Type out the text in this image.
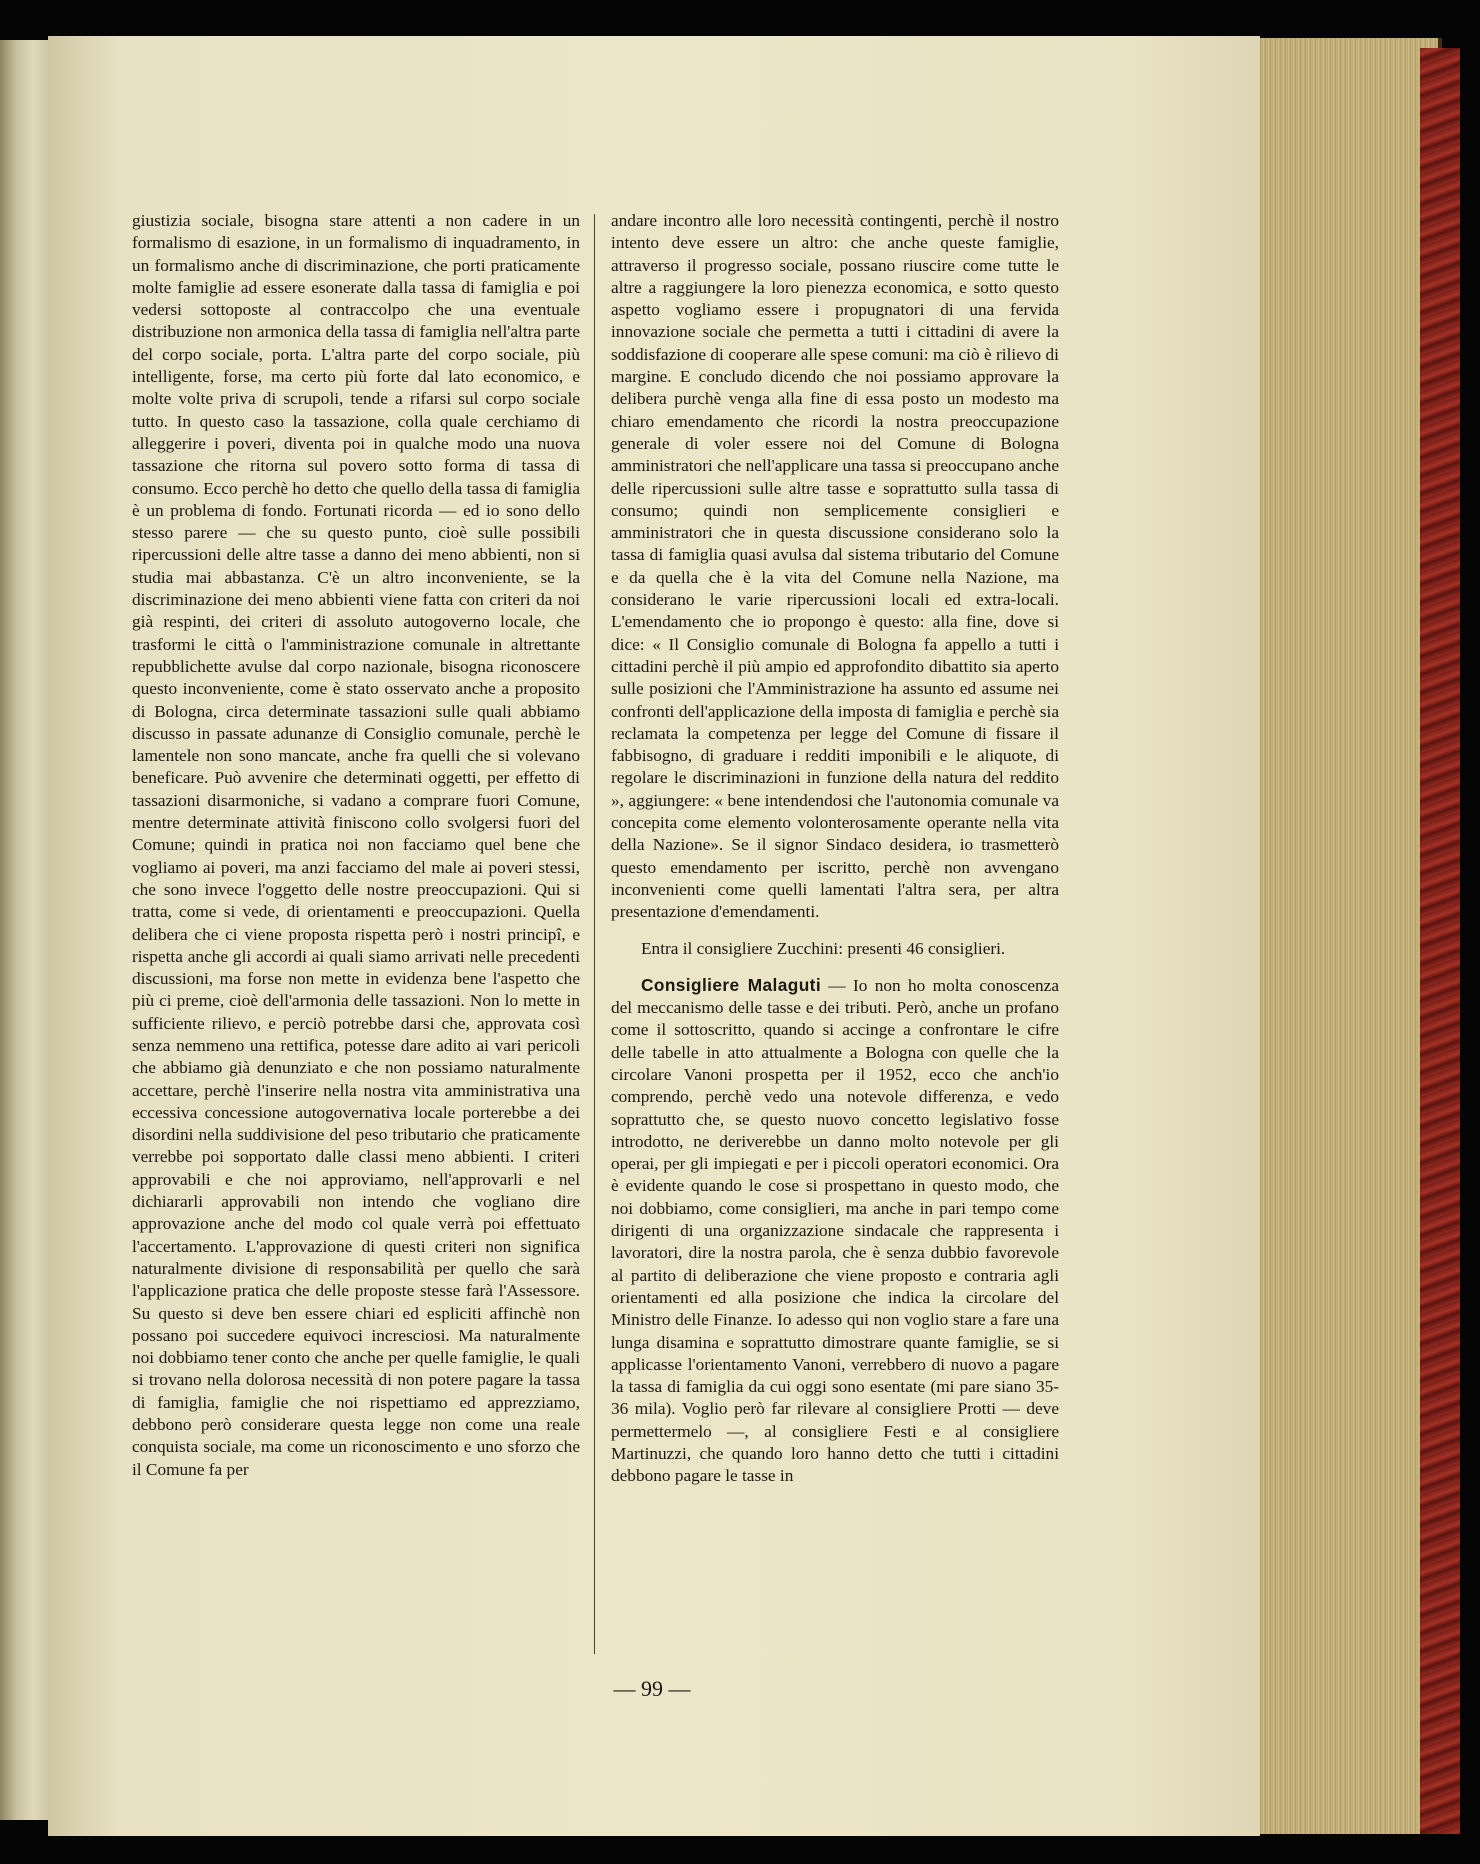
giustizia sociale, bisogna stare attenti a non cadere in un formalismo di esazione, in un formalismo di inquadramento, in un formalismo anche di discriminazione, che porti praticamente molte famiglie ad essere esonerate dalla tassa di famiglia e poi vedersi sottoposte al contraccolpo che una eventuale distribuzione non armonica della tassa di famiglia nell'altra parte del corpo sociale, porta. L'altra parte del corpo sociale, più intelligente, forse, ma certo più forte dal lato economico, e molte volte priva di scrupoli, tende a rifarsi sul corpo sociale tutto. In questo caso la tassazione, colla quale cerchiamo di alleggerire i poveri, diventa poi in qualche modo una nuova tassazione che ritorna sul povero sotto forma di tassa di consumo. Ecco perchè ho detto che quello della tassa di famiglia è un problema di fondo. Fortunati ricorda — ed io sono dello stesso parere — che su questo punto, cioè sulle possibili ripercussioni delle altre tasse a danno dei meno abbienti, non si studia mai abbastanza. C'è un altro inconveniente, se la discriminazione dei meno abbienti viene fatta con criteri da noi già respinti, dei criteri di assoluto autogoverno locale, che trasformi le città o l'amministrazione comunale in altrettante repubblichette avulse dal corpo nazionale, bisogna riconoscere questo inconveniente, come è stato osservato anche a proposito di Bologna, circa determinate tassazioni sulle quali abbiamo discusso in passate adunanze di Consiglio comunale, perchè le lamentele non sono mancate, anche fra quelli che si volevano beneficare. Può avvenire che determinati oggetti, per effetto di tassazioni disarmoniche, si vadano a comprare fuori Comune, mentre determinate attività finiscono collo svolgersi fuori del Comune; quindi in pratica noi non facciamo quel bene che vogliamo ai poveri, ma anzi facciamo del male ai poveri stessi, che sono invece l'oggetto delle nostre preoccupazioni. Qui si tratta, come si vede, di orientamenti e preoccupazioni. Quella delibera che ci viene proposta rispetta però i nostri principî, e rispetta anche gli accordi ai quali siamo arrivati nelle precedenti discussioni, ma forse non mette in evidenza bene l'aspetto che più ci preme, cioè dell'armonia delle tassazioni. Non lo mette in sufficiente rilievo, e perciò potrebbe darsi che, approvata così senza nemmeno una rettifica, potesse dare adito ai vari pericoli che abbiamo già denunziato e che non possiamo naturalmente accettare, perchè l'inserire nella nostra vita amministrativa una eccessiva concessione autogovernativa locale porterebbe a dei disordini nella suddivisione del peso tributario che praticamente verrebbe poi sopportato dalle classi meno abbienti. I criteri approvabili e che noi approviamo, nell'approvarli e nel dichiararli approvabili non intendo che vogliano dire approvazione anche del modo col quale verrà poi effettuato l'accertamento. L'approvazione di questi criteri non significa naturalmente divisione di responsabilità per quello che sarà l'applicazione pratica che delle proposte stesse farà l'Assessore. Su questo si deve ben essere chiari ed espliciti affinchè non possano poi succedere equivoci incresciosi. Ma naturalmente noi dobbiamo tener conto che anche per quelle famiglie, le quali si trovano nella dolorosa necessità di non potere pagare la tassa di famiglia, famiglie che noi rispettiamo ed apprezziamo, debbono però considerare questa legge non come una reale conquista sociale, ma come un riconoscimento e uno sforzo che il Comune fa per

andare incontro alle loro necessità contingenti, perchè il nostro intento deve essere un altro: che anche queste famiglie, attraverso il progresso sociale, possano riuscire come tutte le altre a raggiungere la loro pienezza economica, e sotto questo aspetto vogliamo essere i propugnatori di una fervida innovazione sociale che permetta a tutti i cittadini di avere la soddisfazione di cooperare alle spese comuni: ma ciò è rilievo di margine. E concludo dicendo che noi possiamo approvare la delibera purchè venga alla fine di essa posto un modesto ma chiaro emendamento che ricordi la nostra preoccupazione generale di voler essere noi del Comune di Bologna amministratori che nell'applicare una tassa si preoccupano anche delle ripercussioni sulle altre tasse e soprattutto sulla tassa di consumo; quindi non semplicemente consiglieri e amministratori che in questa discussione considerano solo la tassa di famiglia quasi avulsa dal sistema tributario del Comune e da quella che è la vita del Comune nella Nazione, ma considerano le varie ripercussioni locali ed extra-locali. L'emendamento che io propongo è questo: alla fine, dove si dice: « Il Consiglio comunale di Bologna fa appello a tutti i cittadini perchè il più ampio ed approfondito dibattito sia aperto sulle posizioni che l'Amministrazione ha assunto ed assume nei confronti dell'applicazione della imposta di famiglia e perchè sia reclamata la competenza per legge del Comune di fissare il fabbisogno, di graduare i redditi imponibili e le aliquote, di regolare le discriminazioni in funzione della natura del reddito », aggiungere: « bene intendendosi che l'autonomia comunale va concepita come elemento volonterosamente operante nella vita della Nazione». Se il signor Sindaco desidera, io trasmetterò questo emendamento per iscritto, perchè non avvengano inconvenienti come quelli lamentati l'altra sera, per altra presentazione d'emendamenti.

Entra il consigliere Zucchini: presenti 46 consiglieri.

Consigliere Malaguti — Io non ho molta conoscenza del meccanismo delle tasse e dei tributi. Però, anche un profano come il sottoscritto, quando si accinge a confrontare le cifre delle tabelle in atto attualmente a Bologna con quelle che la circolare Vanoni prospetta per il 1952, ecco che anch'io comprendo, perchè vedo una notevole differenza, e vedo soprattutto che, se questo nuovo concetto legislativo fosse introdotto, ne deriverebbe un danno molto notevole per gli operai, per gli impiegati e per i piccoli operatori economici. Ora è evidente quando le cose si prospettano in questo modo, che noi dobbiamo, come consiglieri, ma anche in pari tempo come dirigenti di una organizzazione sindacale che rappresenta i lavoratori, dire la nostra parola, che è senza dubbio favorevole al partito di deliberazione che viene proposto e contraria agli orientamenti ed alla posizione che indica la circolare del Ministro delle Finanze. Io adesso qui non voglio stare a fare una lunga disamina e soprattutto dimostrare quante famiglie, se si applicasse l'orientamento Vanoni, verrebbero di nuovo a pagare la tassa di famiglia da cui oggi sono esentate (mi pare siano 35-36 mila). Voglio però far rilevare al consigliere Protti — deve permettermelo —, al consigliere Festi e al consigliere Martinuzzi, che quando loro hanno detto che tutti i cittadini debbono pagare le tasse in

— 99 —
